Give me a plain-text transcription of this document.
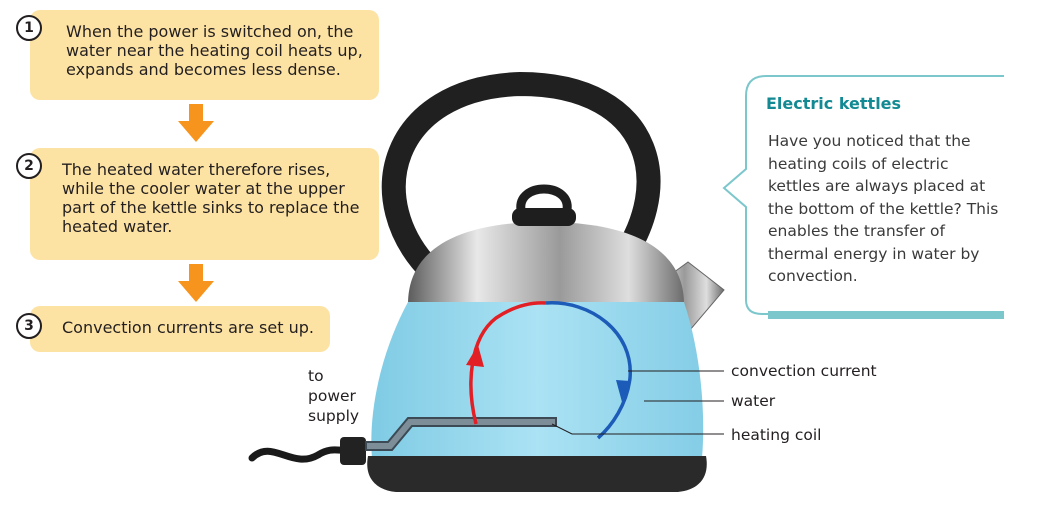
1	When the power is switched on, the water near the heating coil heats up, expands and becomes less dense.
2	The heated water therefore rises, while the cooler water at the upper part of the kettle sinks to replace the heated water.
3	Convection currents are set up.
Electric kettles
Have you noticed that the heating coils of electric kettles are always placed at the bottom of the kettle? This enables the transfer of thermal energy in water by convection.
convection current
water
heating coil
to
power
supply
